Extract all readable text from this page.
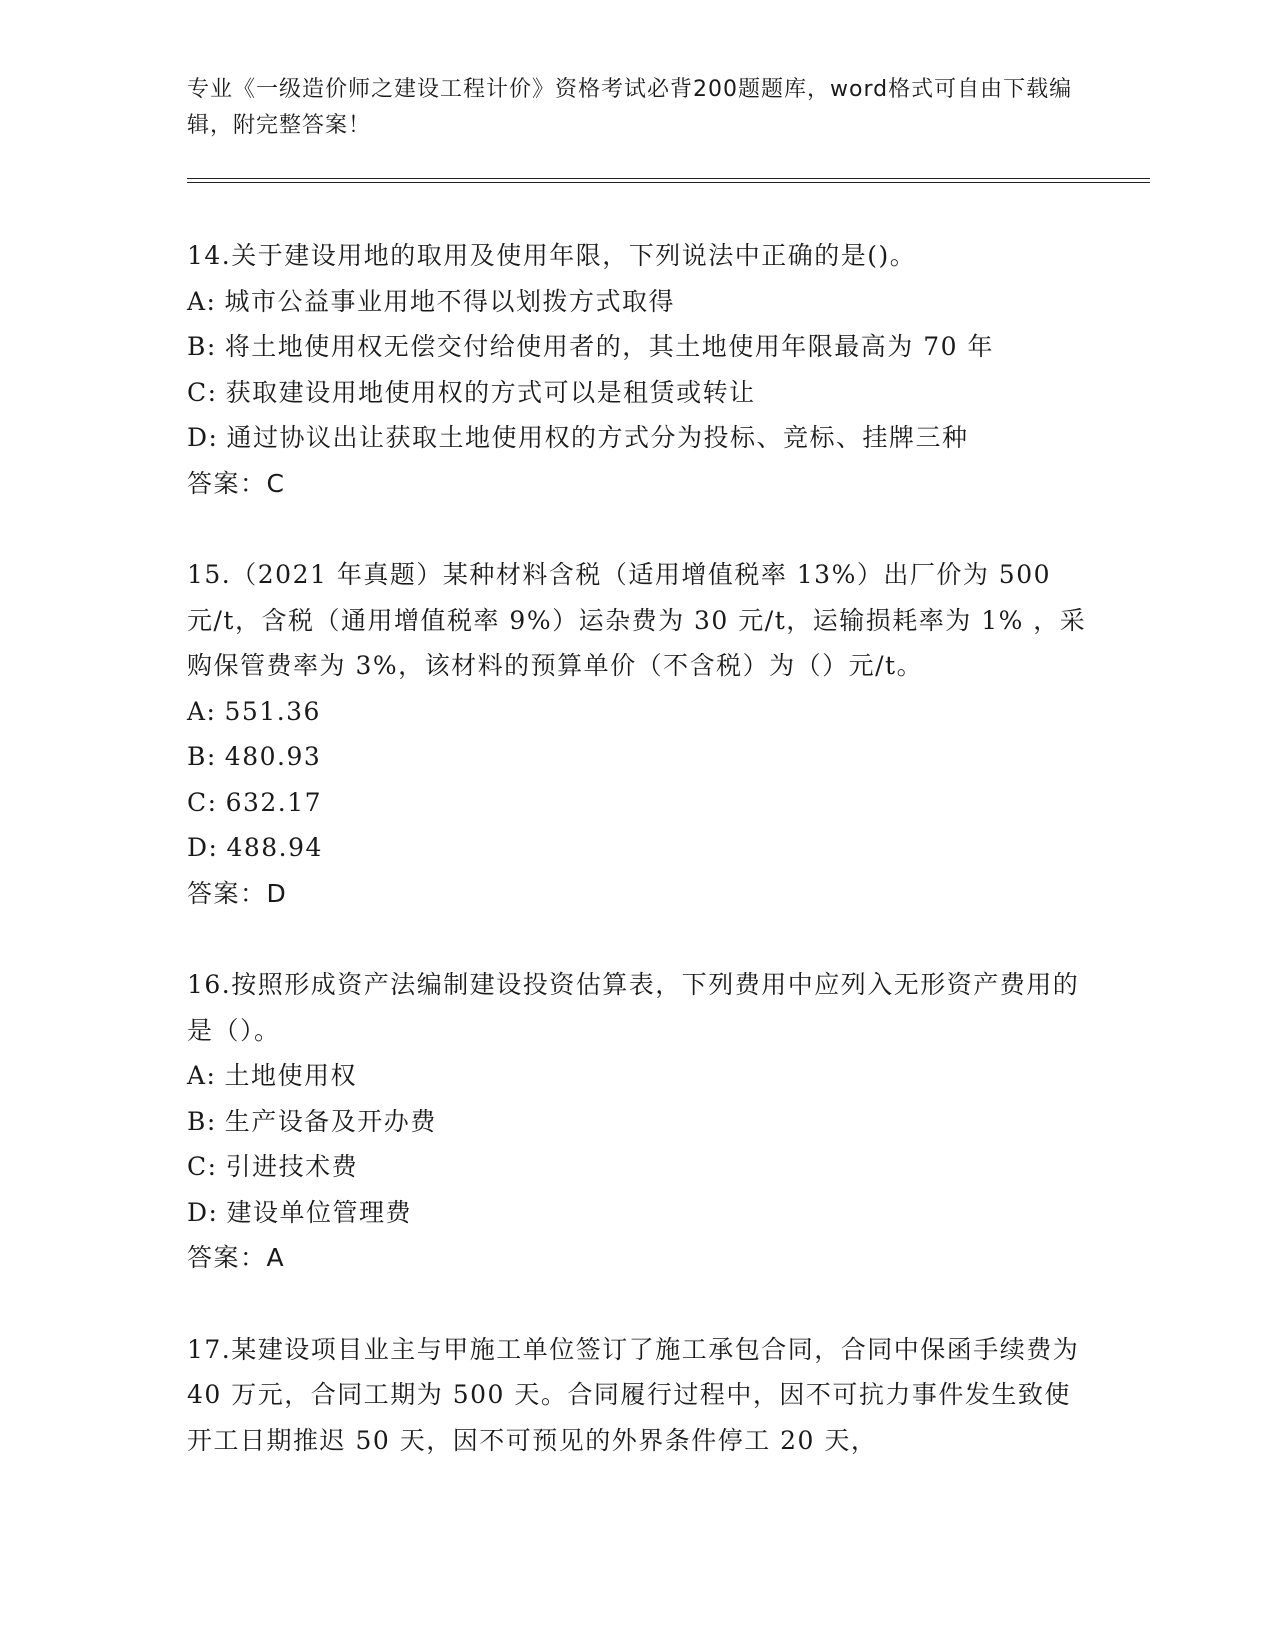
专业《一级造价师之建设工程计价》资格考试必背200题题库，word格式可自由下载编辑，附完整答案！

14.关于建设用地的取用及使用年限，下列说法中正确的是()。

A: 城市公益事业用地不得以划拨方式取得

B: 将土地使用权无偿交付给使用者的，其土地使用年限最高为 70 年

C: 获取建设用地使用权的方式可以是租赁或转让

D: 通过协议出让获取土地使用权的方式分为投标、竞标、挂牌三种

答案：C

15.（2021 年真题）某种材料含税（适用增值税率 13%）出厂价为 500 元/t，含税（通用增值税率 9%）运杂费为 30 元/t，运输损耗率为 1% ，采购保管费率为 3%，该材料的预算单价（不含税）为（）元/t。

A: 551.36

B: 480.93

C: 632.17

D: 488.94

答案：D

16.按照形成资产法编制建设投资估算表，下列费用中应列入无形资产费用的是（）。

A: 土地使用权

B: 生产设备及开办费

C: 引进技术费

D: 建设单位管理费

答案：A

17.某建设项目业主与甲施工单位签订了施工承包合同，合同中保函手续费为 40 万元，合同工期为 500 天。合同履行过程中，因不可抗力事件发生致使开工日期推迟 50 天，因不可预见的外界条件停工 20 天，
